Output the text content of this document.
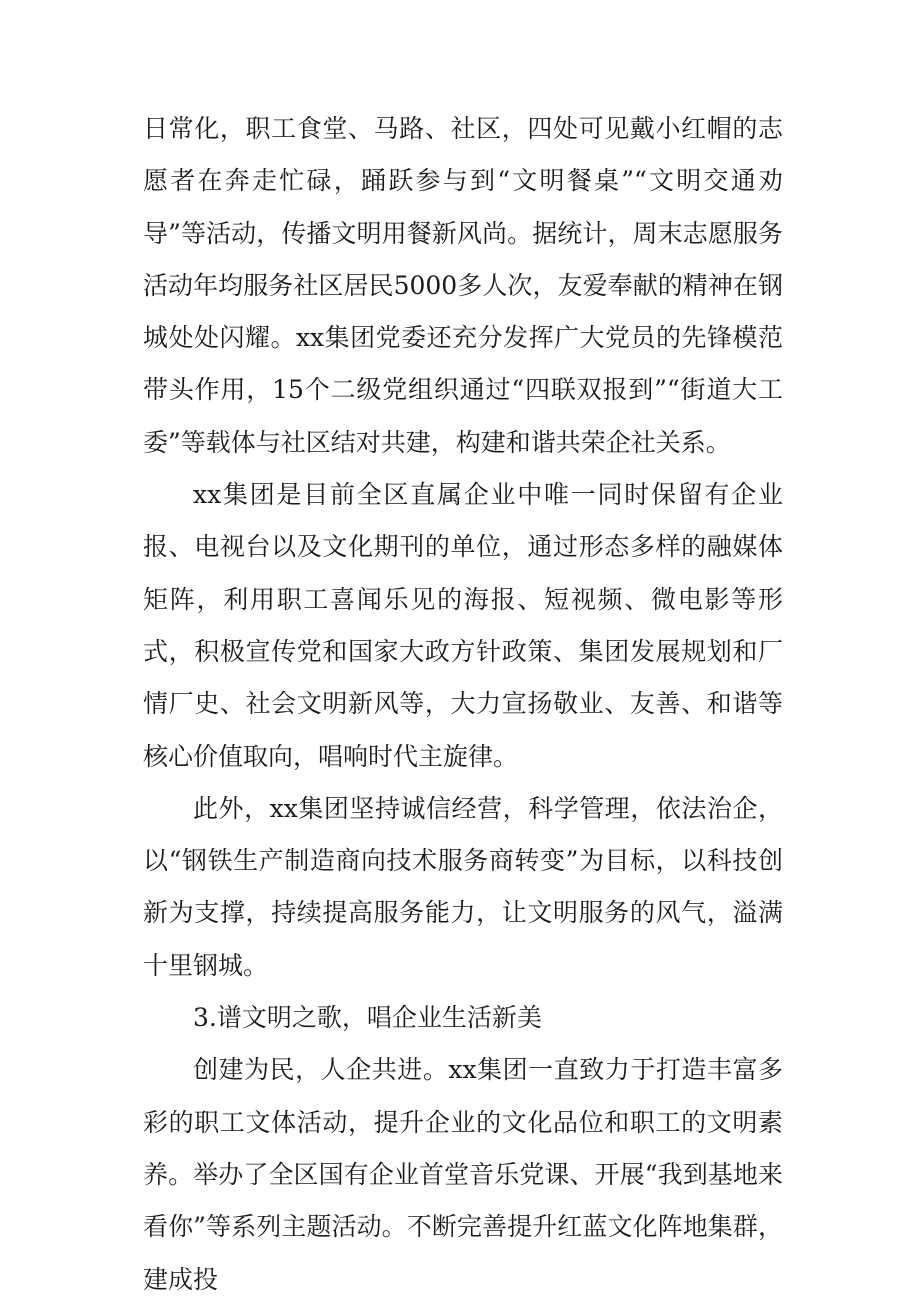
日常化，职工食堂、马路、社区，四处可见戴小红帽的志愿者在奔走忙碌，踊跃参与到“文明餐桌”“文明交通劝导”等活动，传播文明用餐新风尚。据统计，周末志愿服务活动年均服务社区居民5000多人次，友爱奉献的精神在钢城处处闪耀。xx集团党委还充分发挥广大党员的先锋模范带头作用，15个二级党组织通过“四联双报到”“街道大工委”等载体与社区结对共建，构建和谐共荣企社关系。

xx集团是目前全区直属企业中唯一同时保留有企业报、电视台以及文化期刊的单位，通过形态多样的融媒体矩阵，利用职工喜闻乐见的海报、短视频、微电影等形式，积极宣传党和国家大政方针政策、集团发展规划和厂情厂史、社会文明新风等，大力宣扬敬业、友善、和谐等核心价值取向，唱响时代主旋律。

此外，xx集团坚持诚信经营，科学管理，依法治企，以“钢铁生产制造商向技术服务商转变”为目标，以科技创新为支撑，持续提高服务能力，让文明服务的风气，溢满十里钢城。

3.谱文明之歌，唱企业生活新美

创建为民，人企共进。xx集团一直致力于打造丰富多彩的职工文体活动，提升企业的文化品位和职工的文明素养。举办了全区国有企业首堂音乐党课、开展“我到基地来看你”等系列主题活动。不断完善提升红蓝文化阵地集群，建成投
